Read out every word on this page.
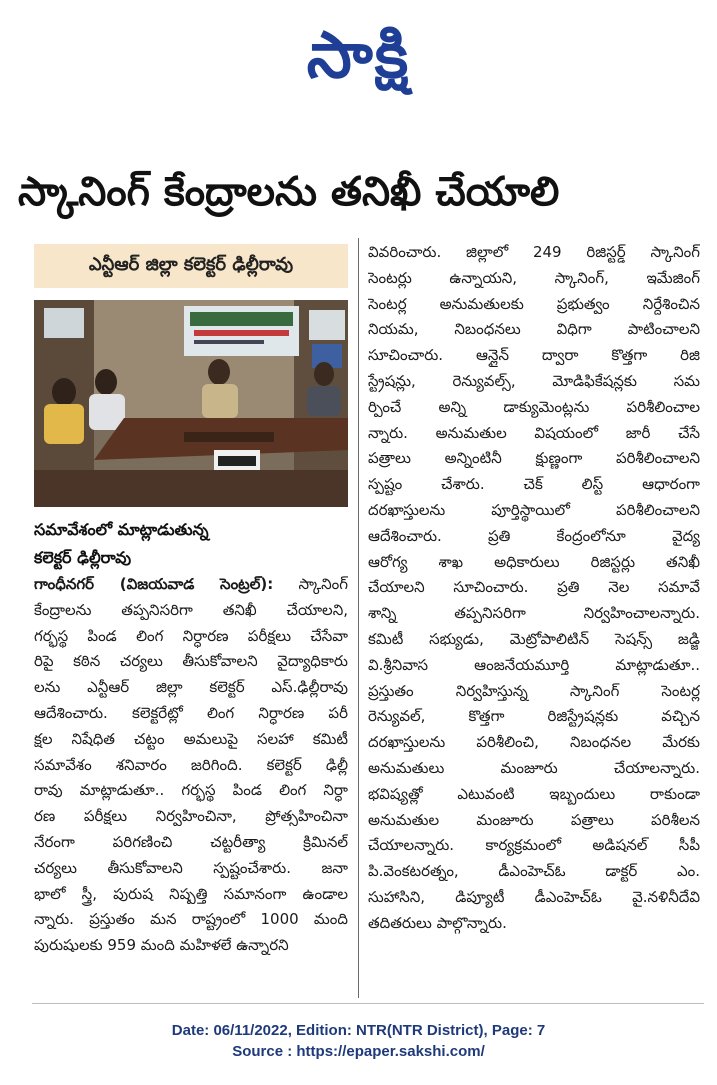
సాక్షి
స్కానింగ్ కేంద్రాలను తనిఖీ చేయాలి
ఎన్టీఆర్ జిల్లా కలెక్టర్ ఢిల్లీరావు

సమావేశంలో మాట్లాడుతున్న

కలెక్టర్ ఢిల్లీరావు

గాంధీనగర్ (విజయవాడ సెంట్రల్): స్కానింగ్

కేంద్రాలను తప్పనిసరిగా తనిఖీ చేయాలని,

గర్భస్థ పిండ లింగ నిర్ధారణ పరీక్షలు చేసేవా

రిపై కఠిన చర్యలు తీసుకోవాలని వైద్యాధికారు

లను ఎన్టీఆర్ జిల్లా కలెక్టర్ ఎస్.ఢిల్లీరావు

ఆదేశించారు. కలెక్టరేట్లో లింగ నిర్ధారణ పరీ

క్షల నిషేధిత చట్టం అమలుపై సలహా కమిటీ

సమావేశం శనివారం జరిగింది. కలెక్టర్ ఢిల్లీ

రావు మాట్లాడుతూ.. గర్భస్థ పిండ లింగ నిర్ధా

రణ పరీక్షలు నిర్వహించినా, ప్రోత్సహించినా

నేరంగా పరిగణించి చట్టరీత్యా క్రిమినల్

చర్యలు తీసుకోవాలని స్పష్టంచేశారు. జనా

భాలో స్త్రీ, పురుష నిష్పత్తి సమానంగా ఉండాల

న్నారు. ప్రస్తుతం మన రాష్ట్రంలో 1000 మంది

పురుషులకు 959 మంది మహిళలే ఉన్నారని

వివరించారు. జిల్లాలో 249 రిజిస్టర్డ్ స్కానింగ్

సెంటర్లు ఉన్నాయని, స్కానింగ్, ఇమేజింగ్

సెంటర్ల అనుమతులకు ప్రభుత్వం నిర్దేశించిన

నియమ, నిబంధనలు విధిగా పాటించాలని

సూచించారు. ఆన్లైన్ ద్వారా కొత్తగా రిజి

స్ట్రేషన్లు, రెన్యువల్స్, మోడిఫికేషన్లకు సమ

ర్పించే అన్ని డాక్యుమెంట్లను పరిశీలించాల

న్నారు. అనుమతుల విషయంలో జారీ చేసే

పత్రాలు అన్నింటినీ క్షుణ్ణంగా పరిశీలించాలని

స్పష్టం చేశారు. చెక్ లిస్ట్ ఆధారంగా

దరఖాస్తులను పూర్తిస్థాయిలో పరిశీలించాలని

ఆదేశించారు. ప్రతి కేంద్రంలోనూ వైద్య

ఆరోగ్య శాఖ అధికారులు రిజిస్టర్లు తనిఖీ

చేయాలని సూచించారు. ప్రతి నెల సమావే

శాన్ని తప్పనిసరిగా నిర్వహించాలన్నారు.

కమిటీ సభ్యుడు, మెట్రోపాలిటిన్ సెషన్స్ జడ్జి

వి.శ్రీనివాస ఆంజనేయమూర్తి మాట్లాడుతూ..

ప్రస్తుతం నిర్వహిస్తున్న స్కానింగ్ సెంటర్ల

రెన్యువల్, కొత్తగా రిజిస్ట్రేషన్లకు వచ్చిన

దరఖాస్తులను పరిశీలించి, నిబంధనల మేరకు

అనుమతులు మంజూరు చేయాలన్నారు.

భవిష్యత్లో ఎటువంటి ఇబ్బందులు రాకుండా

అనుమతుల మంజూరు పత్రాలు పరిశీలన

చేయాలన్నారు. కార్యక్రమంలో అడిషనల్ సీపీ

పి.వెంకటరత్నం, డీఎంహెచ్ఓ డాక్టర్ ఎం.

సుహాసిని, డిప్యూటీ డీఎంహెచ్ఓ వై.నళినీదేవి

తదితరులు పాల్గొన్నారు.

Date: 06/11/2022, Edition: NTR(NTR District), Page: 7

Source : https://epaper.sakshi.com/
